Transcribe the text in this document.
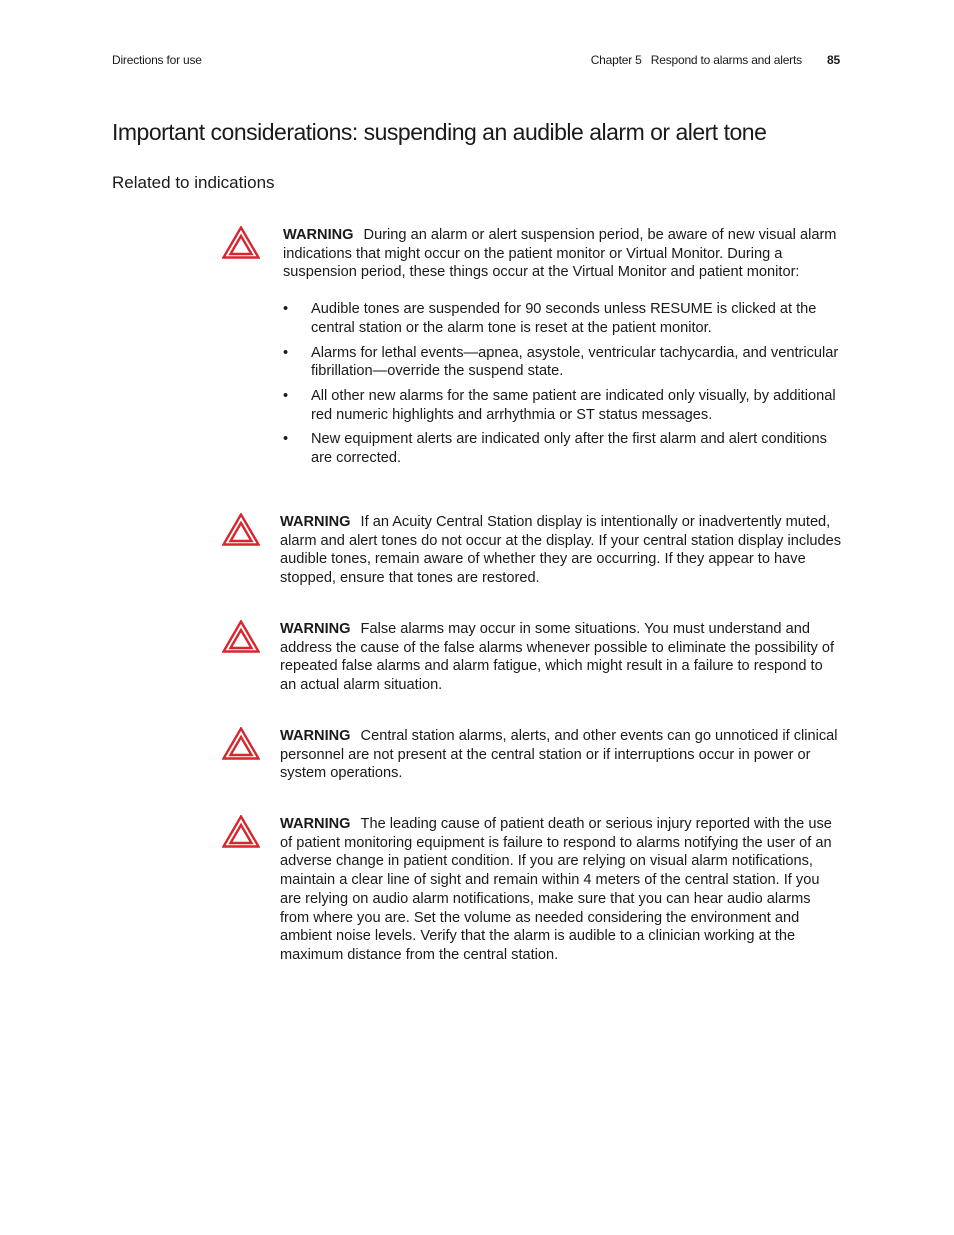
Directions for use	Chapter 5 Respond to alarms and alerts 85
Important considerations: suspending an audible alarm or alert tone
Related to indications
WARNING During an alarm or alert suspension period, be aware of new visual alarm indications that might occur on the patient monitor or Virtual Monitor. During a suspension period, these things occur at the Virtual Monitor and patient monitor:
• Audible tones are suspended for 90 seconds unless RESUME is clicked at the central station or the alarm tone is reset at the patient monitor.
• Alarms for lethal events—apnea, asystole, ventricular tachycardia, and ventricular fibrillation—override the suspend state.
• All other new alarms for the same patient are indicated only visually, by additional red numeric highlights and arrhythmia or ST status messages.
• New equipment alerts are indicated only after the first alarm and alert conditions are corrected.
WARNING If an Acuity Central Station display is intentionally or inadvertently muted, alarm and alert tones do not occur at the display. If your central station display includes audible tones, remain aware of whether they are occurring. If they appear to have stopped, ensure that tones are restored.
WARNING False alarms may occur in some situations. You must understand and address the cause of the false alarms whenever possible to eliminate the possibility of repeated false alarms and alarm fatigue, which might result in a failure to respond to an actual alarm situation.
WARNING Central station alarms, alerts, and other events can go unnoticed if clinical personnel are not present at the central station or if interruptions occur in power or system operations.
WARNING The leading cause of patient death or serious injury reported with the use of patient monitoring equipment is failure to respond to alarms notifying the user of an adverse change in patient condition. If you are relying on visual alarm notifications, maintain a clear line of sight and remain within 4 meters of the central station. If you are relying on audio alarm notifications, make sure that you can hear audio alarms from where you are. Set the volume as needed considering the environment and ambient noise levels. Verify that the alarm is audible to a clinician working at the maximum distance from the central station.
